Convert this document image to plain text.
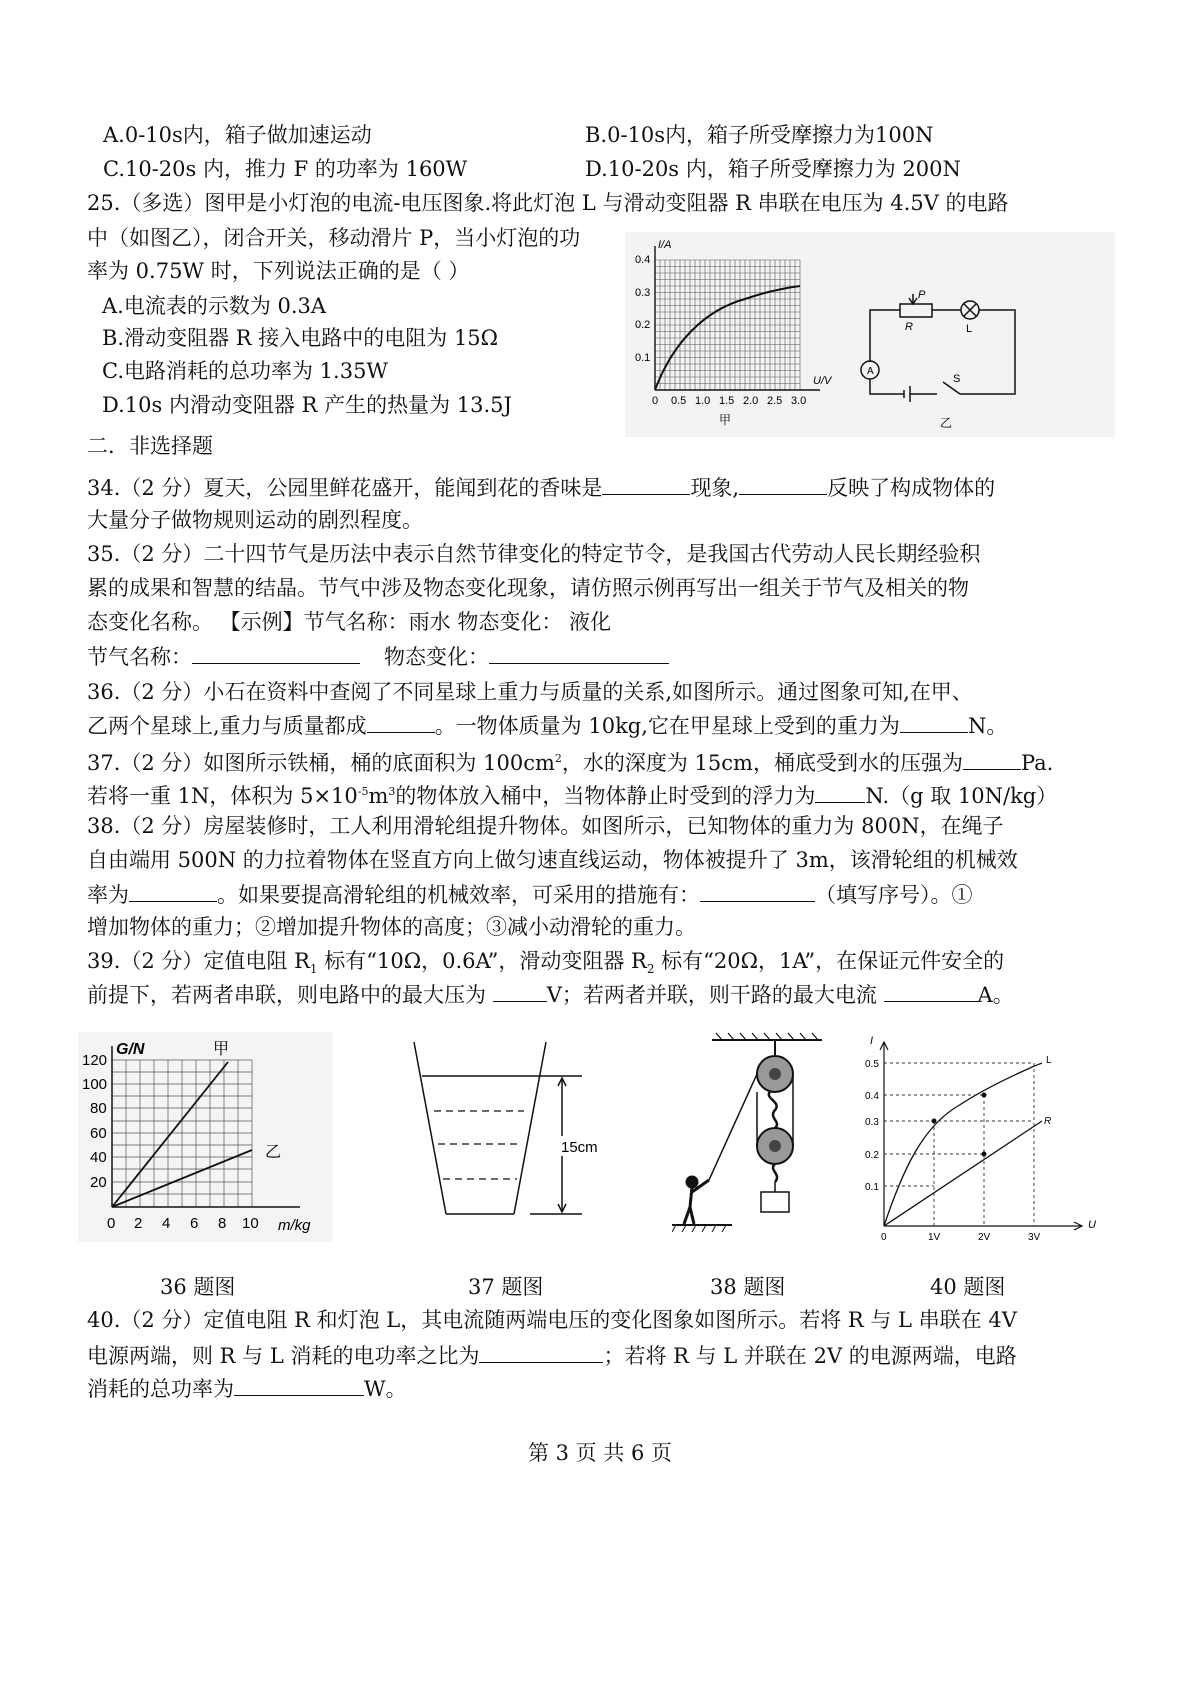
A.0-10s内，箱子做加速运动	B.0-10s内，箱子所受摩擦力为100N
C.10-20s 内，推力 F 的功率为 160W	D.10-20s 内，箱子所受摩擦力为 200N
25.（多选）图甲是小灯泡的电流-电压图象.将此灯泡 L 与滑动变阻器 R 串联在电压为 4.5V 的电路
中（如图乙），闭合开关，移动滑片 P，当小灯泡的功
率为 0.75W 时，下列说法正确的是（ ）
A.电流表的示数为 0.3A
B.滑动变阻器 R 接入电路中的电阻为 15Ω
C.电路消耗的总功率为 1.35W
D.10s 内滑动变阻器 R 产生的热量为 13.5J
I/A
U/V
0.4
0.3
0.2
0.1
0 0.5 1.0 1.5 2.0 2.5 3.0
甲
A
P
R	L
S
乙
二．非选择题
34.（2 分）夏天，公园里鲜花盛开，能闻到花的香味是	现象,	反映了构成物体的
大量分子做物规则运动的剧烈程度。
35.（2 分）二十四节气是历法中表示自然节律变化的特定节令，是我国古代劳动人民长期经验积
累的成果和智慧的结晶。节气中涉及物态变化现象，请仿照示例再写出一组关于节气及相关的物
态变化名称。 【示例】节气名称：雨水 物态变化： 液化
节气名称：	物态变化：
36.（2 分）小石在资料中查阅了不同星球上重力与质量的关系,如图所示。通过图象可知,在甲、
乙两个星球上,重力与质量都成	。一物体质量为 10kg,它在甲星球上受到的重力为	N。
37.（2 分）如图所示铁桶，桶的底面积为 $100cm^2$，水的深度为 15cm，桶底受到水的压强为	Pa.
若将一重 1N，体积为 $5\times 10^{-5}m^3$的物体放入桶中，当物体静止时受到的浮力为 N.（g 取 10N/kg）
38.（2 分）房屋装修时，工人利用滑轮组提升物体。如图所示，已知物体的重力为 800N，在绳子
自由端用 500N 的力拉着物体在竖直方向上做匀速直线运动，物体被提升了 3m，该滑轮组的机械效
率为	。如果要提高滑轮组的机械效率，可采用的措施有：	（填写序号）。①
增加物体的重力；②增加提升物体的高度；③减小动滑轮的重力。
39.（2 分）定值电阻 $R_1$ 标有“10Ω，0.6A”，滑动变阻器 $R_2$ 标有“20Ω，1A”，在保证元件安全的
前提下，若两者串联，则电路中的最大压为	V；若两者并联，则干路的最大电流	A。
G/N
m/kg
120
100
80
60
40
20
0 2 4 6 8 10
甲
乙	15cm
I
U
0.5
0.4
0.3
0.2
0.1
0	1V	2V	3V
L
R
36 题图	37 题图	38 题图	40 题图
40.（2 分）定值电阻 R 和灯泡 L，其电流随两端电压的变化图象如图所示。若将 R 与 L 串联在 4V
电源两端，则 R 与 L 消耗的电功率之比为	；若将 R 与 L 并联在 2V 的电源两端，电路
消耗的总功率为	W。
第 3 页 共 6 页
